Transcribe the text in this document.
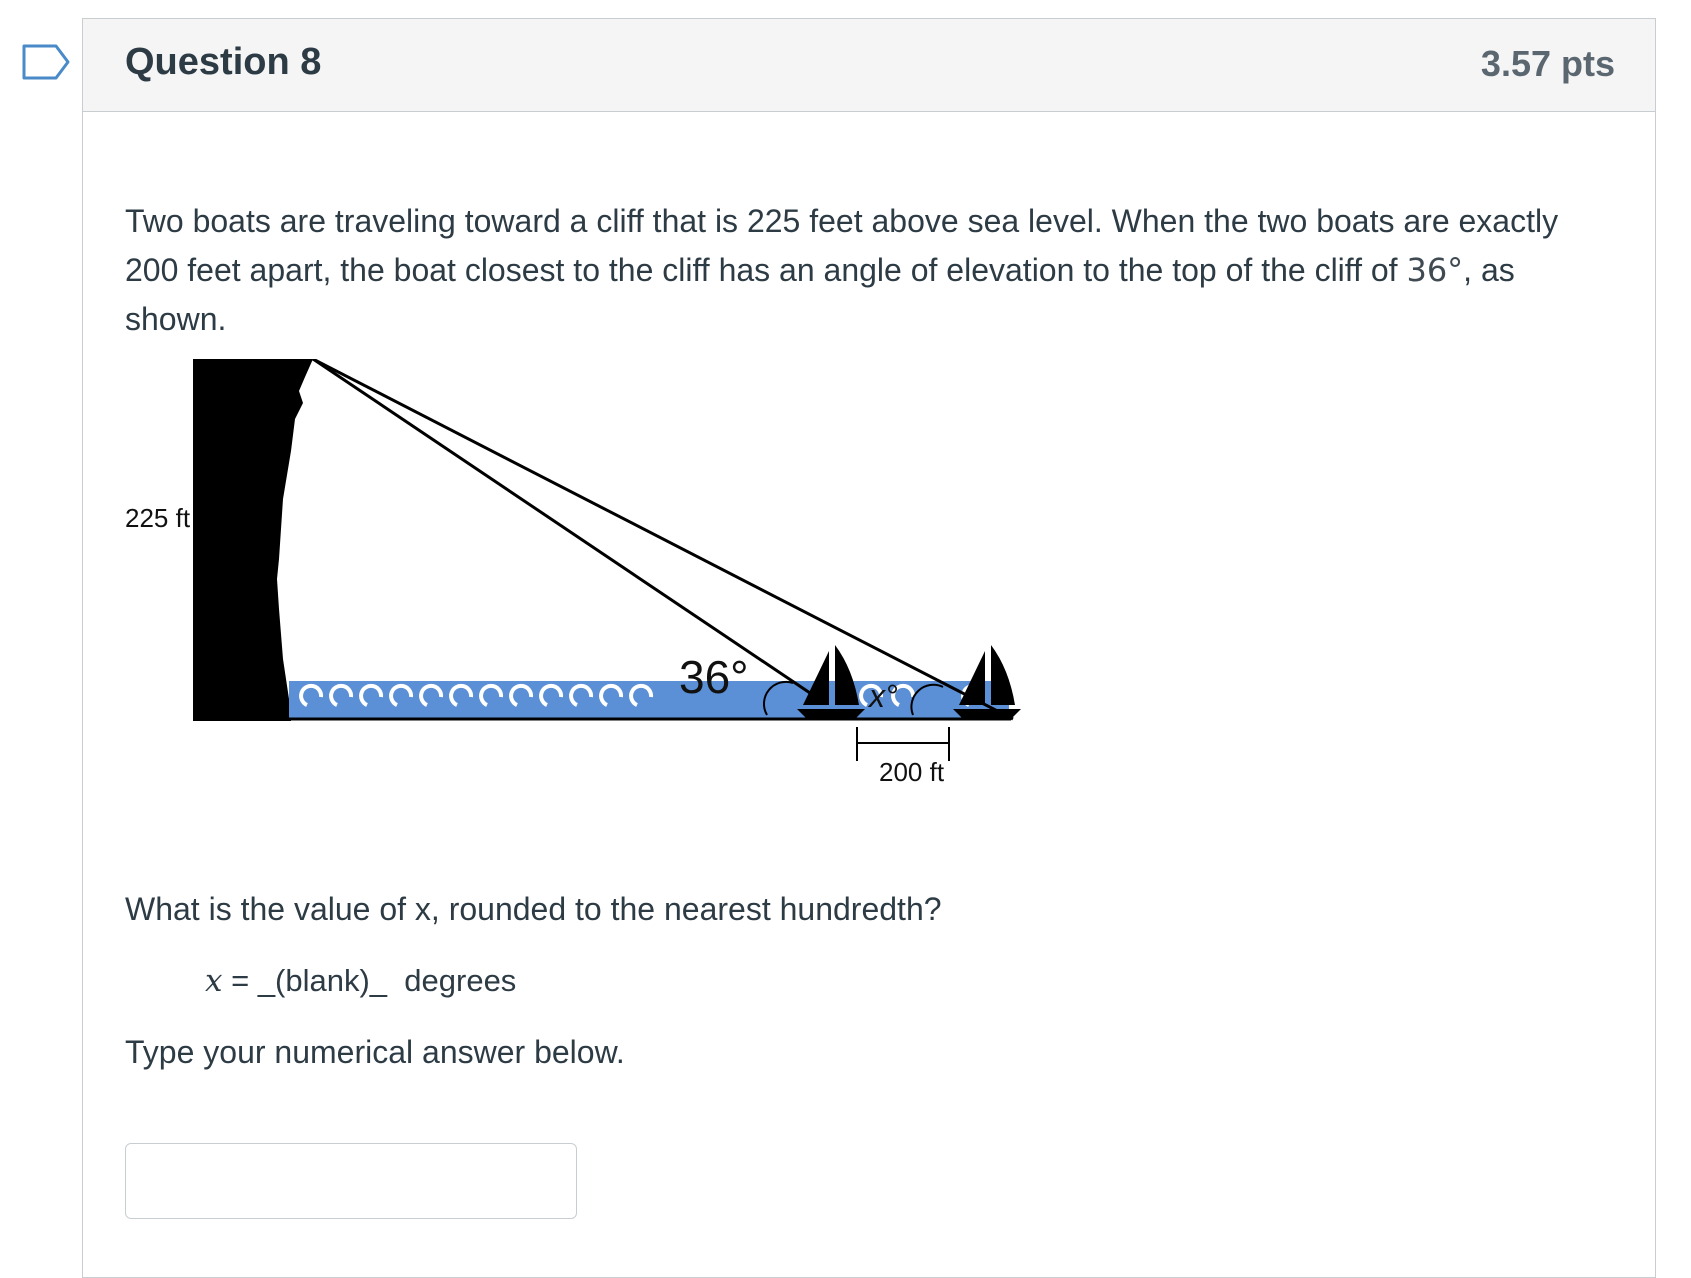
Question 8	3.57 pts
Two boats are traveling toward a cliff that is 225 feet above sea level. When the two boats are exactly 200 feet apart, the boat closest to the cliff has an angle of elevation to the top of the cliff of 36°, as shown.
225 ft
36°	x°
200 ft
What is the value of x, rounded to the nearest hundredth?
x = _(blank)_  degrees
Type your numerical answer below.
